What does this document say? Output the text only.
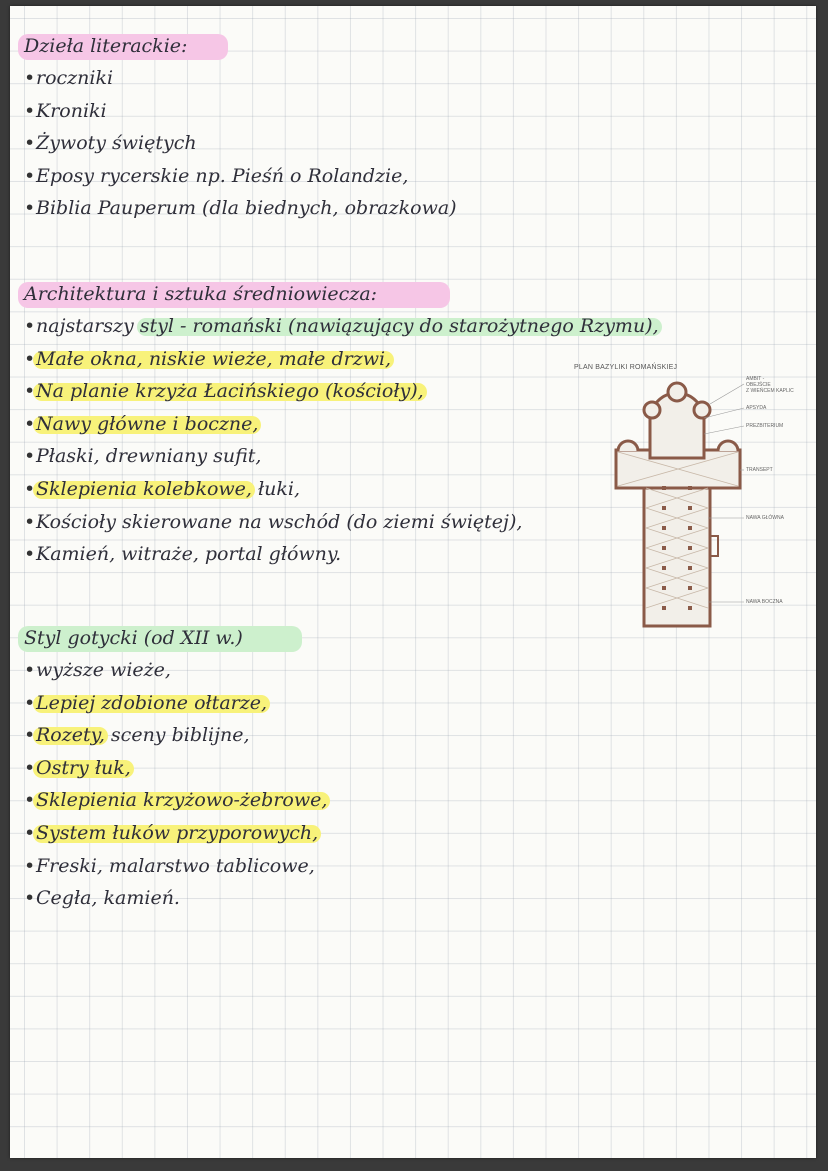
Dzieła literackie:
•roczniki
•Kroniki
•Żywoty świętych
•Eposy rycerskie np. Pieśń o Rolandzie,
•Biblia Pauperum (dla biednych, obrazkowa)
Architektura i sztuka średniowiecza:
•najstarszy styl - romański (nawiązujący do starożytnego Rzymu),
•Małe okna, niskie wieże, małe drzwi,
•Na planie krzyża Łacińskiego (kościoły),
•Nawy główne i boczne,
•Płaski, drewniany sufit,
•Sklepienia kolebkowe, łuki,
•Kościoły skierowane na wschód (do ziemi świętej),
•Kamień, witraże, portal główny.
Styl gotycki (od XII w.)
•wyższe wieże,
•Lepiej zdobione ołtarze,
•Rozety, sceny biblijne,
•Ostry łuk,
•Sklepienia krzyżowo-żebrowe,
•System łuków przyporowych,
•Freski, malarstwo tablicowe,
•Cegła, kamień.
PLAN BAZYLIKI ROMAŃSKIEJ
AMBIT -
OBEJŚCIE
Z WIEŃCEM KAPLIC
APSYDA
PREZBITERIUM
TRANSEPT
NAWA GŁÓWNA
NAWA BOCZNA
